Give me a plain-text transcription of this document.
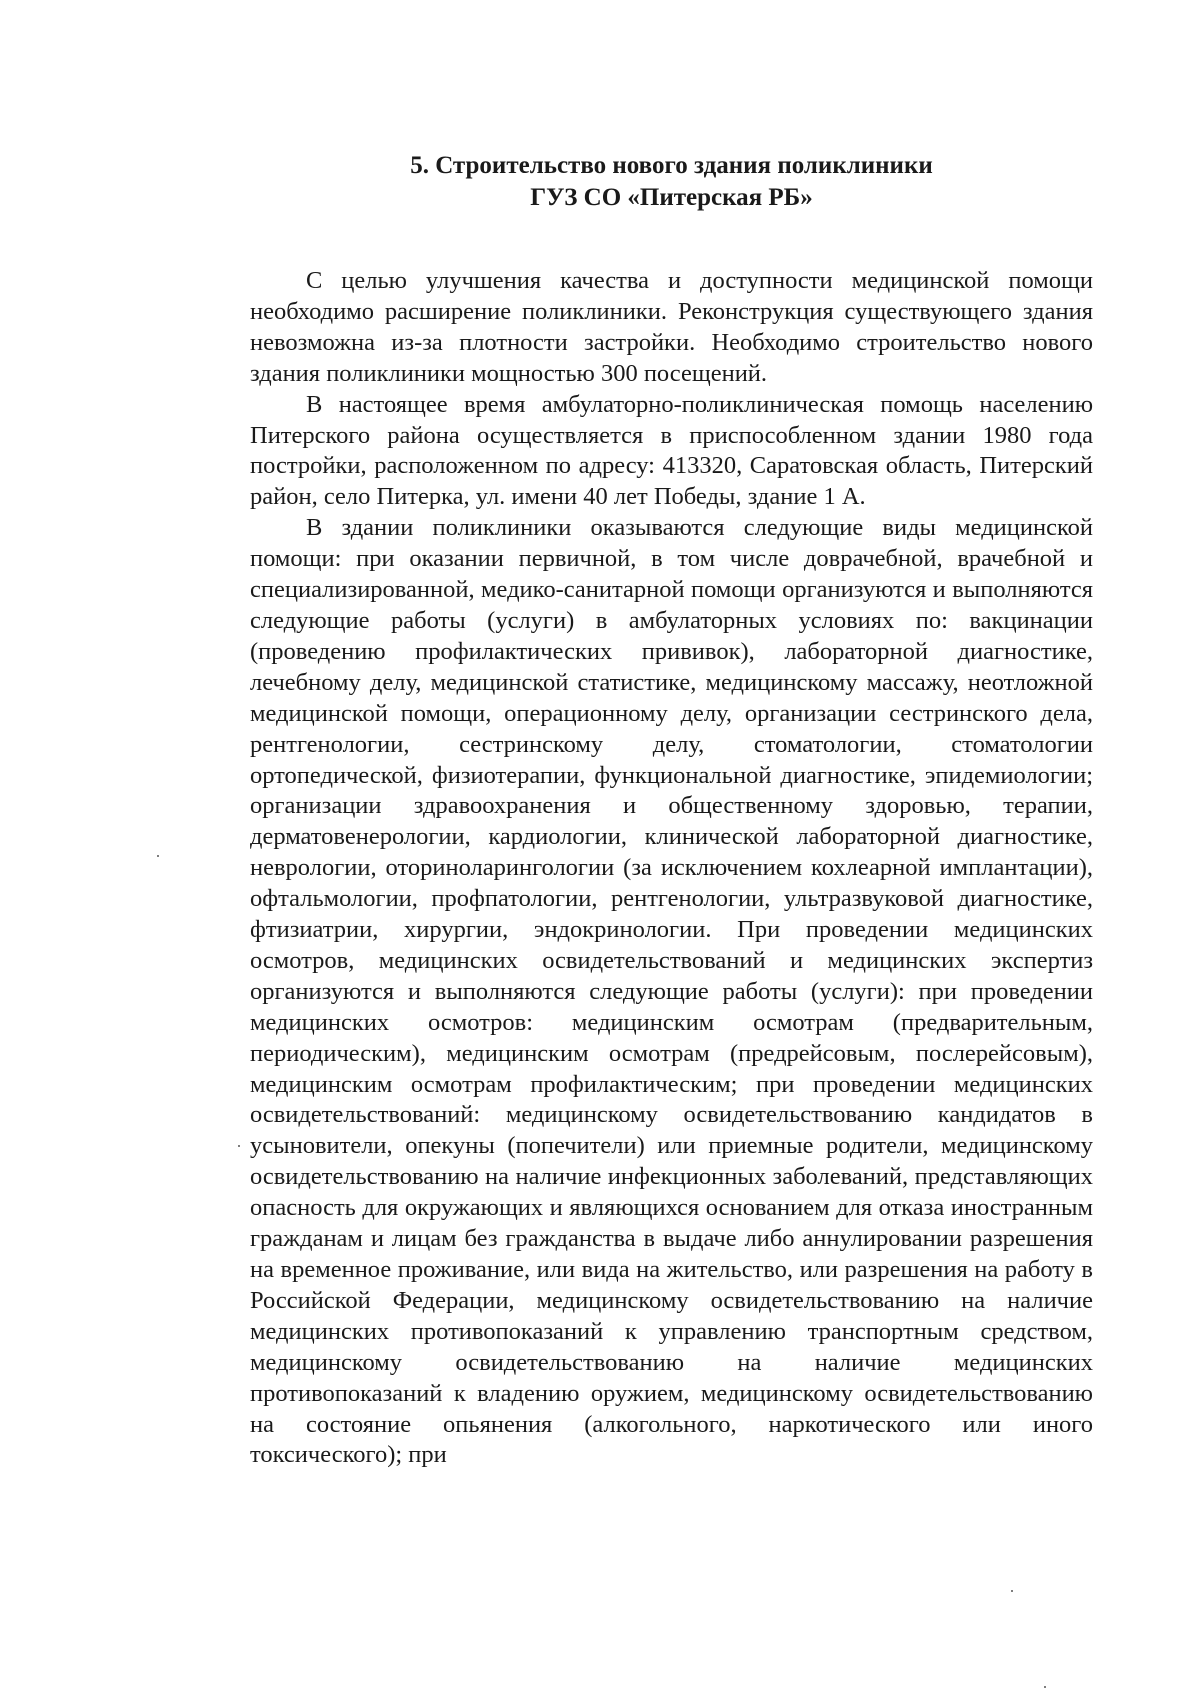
5. Строительство нового здания поликлиники
ГУЗ СО «Питерская РБ»

С целью улучшения качества и доступности медицинской помощи необходимо расширение поликлиники. Реконструкция существующего здания невозможна из-за плотности застройки. Необходимо строительство нового здания поликлиники мощностью 300 посещений.

В настоящее время амбулаторно-поликлиническая помощь населению Питерского района осуществляется в приспособленном здании 1980 года постройки, расположенном по адресу: 413320, Саратовская область, Питерский район, село Питерка, ул. имени 40 лет Победы, здание 1 А.

В здании поликлиники оказываются следующие виды медицинской помощи: при оказании первичной, в том числе доврачебной, врачебной и специализированной, медико-санитарной помощи организуются и выполняются следующие работы (услуги) в амбулаторных условиях по: вакцинации (проведению профилактических прививок), лабораторной диагностике, лечебному делу, медицинской статистике, медицинскому массажу, неотложной медицинской помощи, операционному делу, организации сестринского дела, рентгенологии, сестринскому делу, стоматологии, стоматологии ортопедической, физиотерапии, функциональной диагностике, эпидемиологии; организации здравоохранения и общественному здоровью, терапии, дерматовенерологии, кардиологии, клинической лабораторной диагностике, неврологии, оториноларингологии (за исключением кохлеарной имплантации), офтальмологии, профпатологии, рентгенологии, ультразвуковой диагностике, фтизиатрии, хирургии, эндокринологии. При проведении медицинских осмотров, медицинских освидетельствований и медицинских экспертиз организуются и выполняются следующие работы (услуги): при проведении медицинских осмотров: медицинским осмотрам (предварительным, периодическим), медицинским осмотрам (предрейсовым, послерейсовым), медицинским осмотрам профилактическим; при проведении медицинских освидетельствований: медицинскому освидетельствованию кандидатов в усыновители, опекуны (попечители) или приемные родители, медицинскому освидетельствованию на наличие инфекционных заболеваний, представляющих опасность для окружающих и являющихся основанием для отказа иностранным гражданам и лицам без гражданства в выдаче либо аннулировании разрешения на временное проживание, или вида на жительство, или разрешения на работу в Российской Федерации, медицинскому освидетельствованию на наличие медицинских противопоказаний к управлению транспортным средством, медицинскому освидетельствованию на наличие медицинских противопоказаний к владению оружием, медицинскому освидетельствованию на состояние опьянения (алкогольного, наркотического или иного токсического); при
